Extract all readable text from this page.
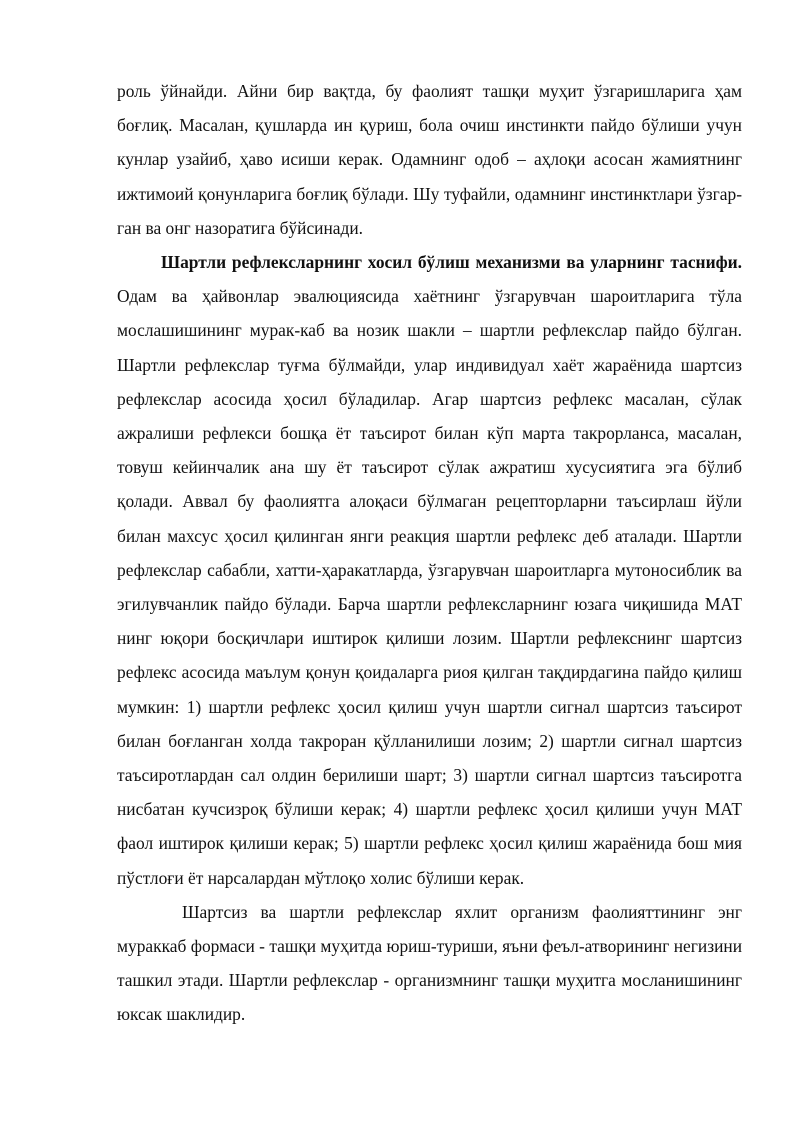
роль ўйнайди. Айни бир вақтда, бу фаолият ташқи муҳит ўзгаришларига ҳам боғлиқ. Масалан, қушларда ин қуриш, бола очиш инстинкти пайдо бўлиши учун кунлар узайиб, ҳаво исиши керак. Одамнинг одоб – аҳлоқи асосан жамиятнинг ижтимоий қонунларига боғлиқ бўлади. Шу туфайли, одамнинг инстинктлари ўзгар-ган ва онг назоратига бўйсинади.

Шартли рефлексларнинг хосил бўлиш механизми ва уларнинг таснифи. Одам ва ҳайвонлар эвалюциясида хаётнинг ўзгарувчан шароитларига тўла мослашишининг мурак-каб ва нозик шакли – шартли рефлекслар пайдо бўлган. Шартли рефлекслар туғма бўлмайди, улар индивидуал хаёт жараёнида шартсиз рефлекслар асосида ҳосил бўладилар. Агар шартсиз рефлекс масалан, сўлак ажралиши рефлекси бошқа ёт таъсирот билан кўп марта такрорланса, масалан, товуш кейинчалик ана шу ёт таъсирот сўлак ажратиш хусусиятига эга бўлиб қолади. Аввал бу фаолиятга алоқаси бўлмаган рецепторларни таъсирлаш йўли билан махсус ҳосил қилинган янги реакция шартли рефлекс деб аталади. Шартли рефлекслар сабабли, хатти-ҳаракатларда, ўзгарувчан шароитларга мутоносиблик ва эгилувчанлик пайдо бўлади. Барча шартли рефлексларнинг юзага чиқишида МАТ нинг юқори босқичлари иштирок қилиши лозим. Шартли рефлекснинг шартсиз рефлекс асосида маълум қонун қоидаларга риоя қилган тақдирдагина пайдо қилиш мумкин: 1) шартли рефлекс ҳосил қилиш учун шартли сигнал шартсиз таъсирот билан боғланган холда такроран қўлланилиши лозим; 2) шартли сигнал шартсиз таъсиротлардан сал олдин берилиши шарт; 3) шартли сигнал шартсиз таъсиротга нисбатан кучсизроқ бўлиши керак; 4) шартли рефлекс ҳосил қилиши учун МАТ фаол иштирок қилиши керак; 5) шартли рефлекс ҳосил қилиш жараёнида бош мия пўстлоғи ёт нарсалардан мўтлоқо холис бўлиши керак.

Шартсиз ва шартли рефлекслар яхлит организм фаолияттининг энг мураккаб формаси - ташқи муҳитда юриш-туриши, яъни феъл-атворининг негизини ташкил этади. Шартли рефлекслар - организмнинг ташқи муҳитга мосланишининг юксак шаклидир.
